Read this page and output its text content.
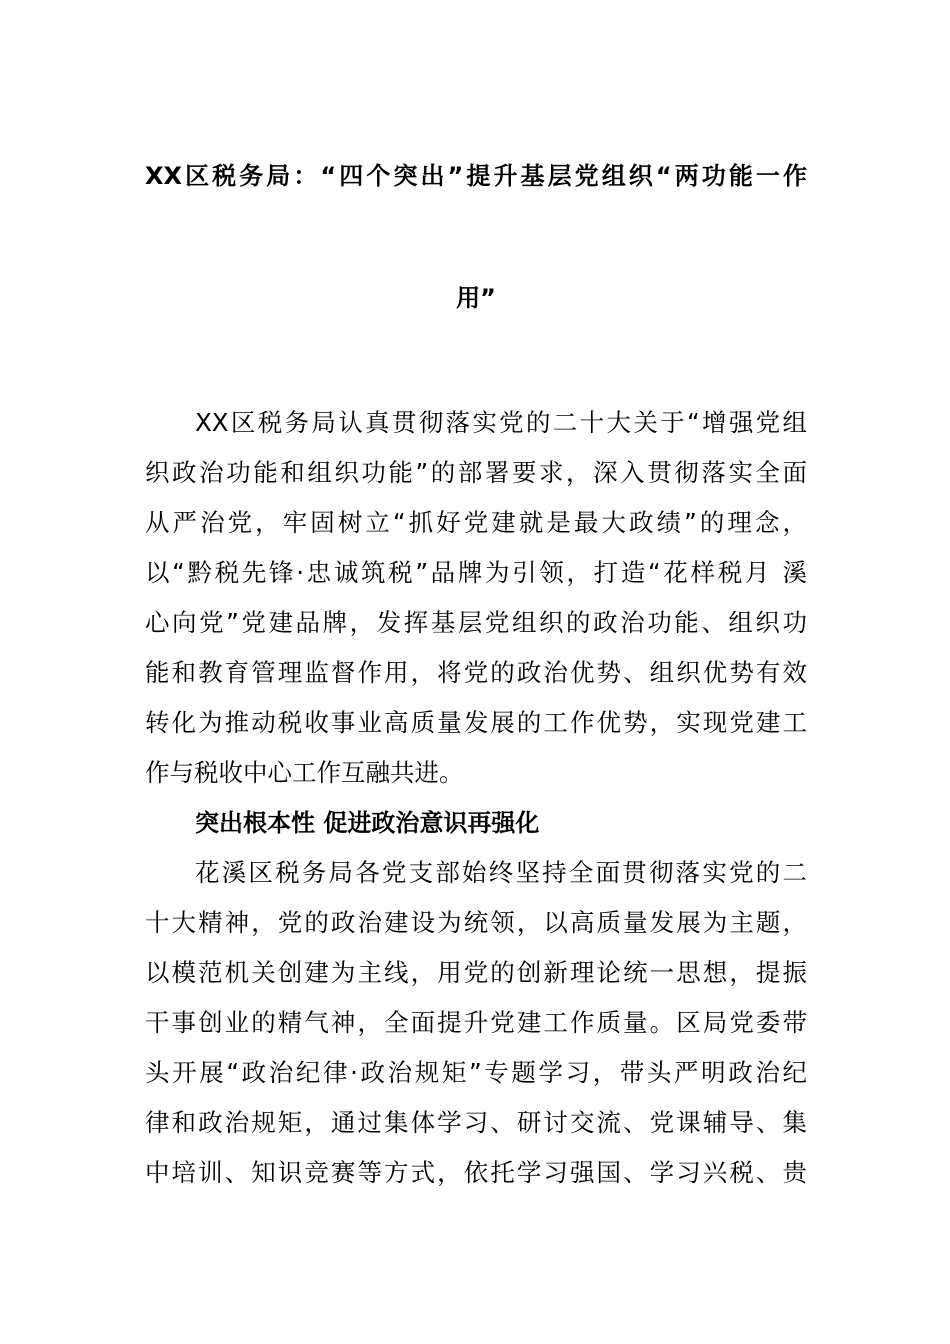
XX区税务局：“四个突出”提升基层党组织“两功能一作
用”
XX区税务局认真贯彻落实党的二十大关于“增强党组
织政治功能和组织功能”的部署要求，深入贯彻落实全面
从严治党，牢固树立“抓好党建就是最大政绩”的理念，
以“黔税先锋·忠诚筑税”品牌为引领，打造“花样税月 溪
心向党”党建品牌，发挥基层党组织的政治功能、组织功
能和教育管理监督作用，将党的政治优势、组织优势有效
转化为推动税收事业高质量发展的工作优势，实现党建工
作与税收中心工作互融共进。
突出根本性 促进政治意识再强化
花溪区税务局各党支部始终坚持全面贯彻落实党的二
十大精神，党的政治建设为统领，以高质量发展为主题，
以模范机关创建为主线，用党的创新理论统一思想，提振
干事创业的精气神，全面提升党建工作质量。区局党委带
头开展“政治纪律·政治规矩”专题学习，带头严明政治纪
律和政治规矩，通过集体学习、研讨交流、党课辅导、集
中培训、知识竞赛等方式，依托学习强国、学习兴税、贵
